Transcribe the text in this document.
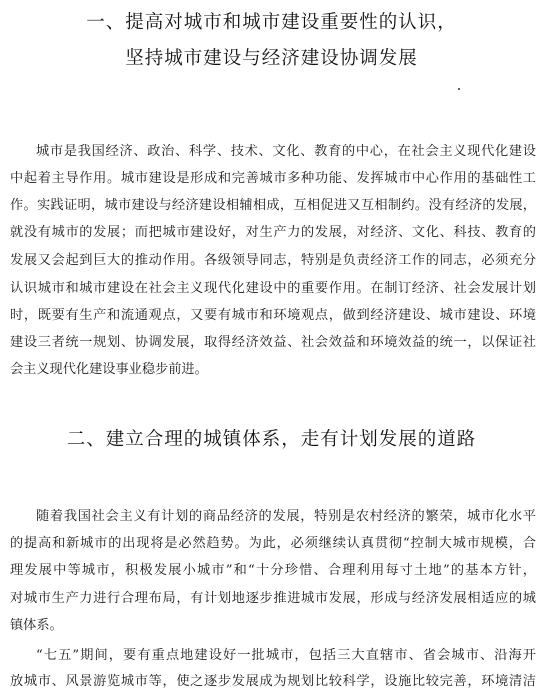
一、提高对城市和城市建设重要性的认识，
坚持城市建设与经济建设协调发展
城市是我国经济、政治、科学、技术、文化、教育的中心，在社会主义现代化建设
中起着主导作用。城市建设是形成和完善城市多种功能、发挥城市中心作用的基础性工
作。实践证明，城市建设与经济建设相辅相成，互相促进又互相制约。没有经济的发展，
就没有城市的发展；而把城市建设好，对生产力的发展，对经济、文化、科技、教育的
发展又会起到巨大的推动作用。各级领导同志，特别是负责经济工作的同志，必须充分
认识城市和城市建设在社会主义现代化建设中的重要作用。在制订经济、社会发展计划
时，既要有生产和流通观点，又要有城市和环境观点，做到经济建设、城市建设、环境
建设三者统一规划、协调发展，取得经济效益、社会效益和环境效益的统一，以保证社
会主义现代化建设事业稳步前进。
二、建立合理的城镇体系，走有计划发展的道路
随着我国社会主义有计划的商品经济的发展，特别是农村经济的繁荣，城市化水平
的提高和新城市的出现将是必然趋势。为此，必须继续认真贯彻“控制大城市规模，合
理发展中等城市，积极发展小城市”和“十分珍惜、合理利用每寸土地”的基本方针，
对城市生产力进行合理布局，有计划地逐步推进城市发展，形成与经济发展相适应的城
镇体系。
“七五”期间，要有重点地建设好一批城市，包括三大直辖市、省会城市、沿海开
放城市、风景游览城市等，使之逐步发展成为规划比较科学，设施比较完善，环境清洁
